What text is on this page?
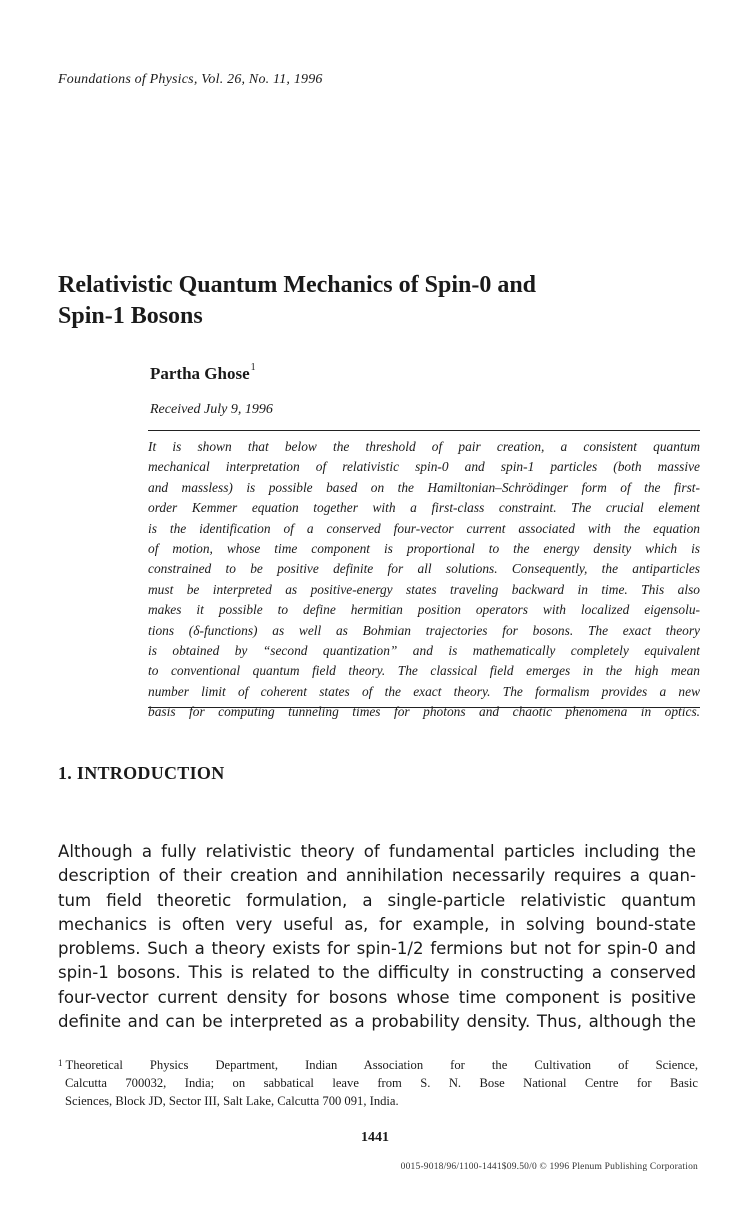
Foundations of Physics, Vol. 26, No. 11, 1996
Relativistic Quantum Mechanics of Spin-0 and
Spin-1 Bosons
Partha Ghose$^1$
Received July 9, 1996
It is shown that below the threshold of pair creation, a consistent quantum
mechanical interpretation of relativistic spin-0 and spin-1 particles (both massive
and massless) is possible based on the Hamiltonian–Schrödinger form of the first-
order Kemmer equation together with a first-class constraint. The crucial element
is the identification of a conserved four-vector current associated with the equation
of motion, whose time component is proportional to the energy density which is
constrained to be positive definite for all solutions. Consequently, the antiparticles
must be interpreted as positive-energy states traveling backward in time. This also
makes it possible to define hermitian position operators with localized eigensolu-
tions (δ-functions) as well as Bohmian trajectories for bosons. The exact theory
is obtained by “second quantization” and is mathematically completely equivalent
to conventional quantum field theory. The classical field emerges in the high mean
number limit of coherent states of the exact theory. The formalism provides a new
basis for computing tunneling times for photons and chaotic phenomena in optics.
1. INTRODUCTION
Although a fully relativistic theory of fundamental particles including the
description of their creation and annihilation necessarily requires a quan-
tum field theoretic formulation, a single-particle relativistic quantum
mechanics is often very useful as, for example, in solving bound-state
problems. Such a theory exists for spin-1/2 fermions but not for spin-0 and
spin-1 bosons. This is related to the difficulty in constructing a conserved
four-vector current density for bosons whose time component is positive
definite and can be interpreted as a probability density. Thus, although the
$^1$ Theoretical Physics Department, Indian Association for the Cultivation of Science,
Calcutta 700032, India; on sabbatical leave from S. N. Bose National Centre for Basic
Sciences, Block JD, Sector III, Salt Lake, Calcutta 700 091, India.
1441
0015-9018/96/1100-1441$09.50/0 © 1996 Plenum Publishing Corporation
